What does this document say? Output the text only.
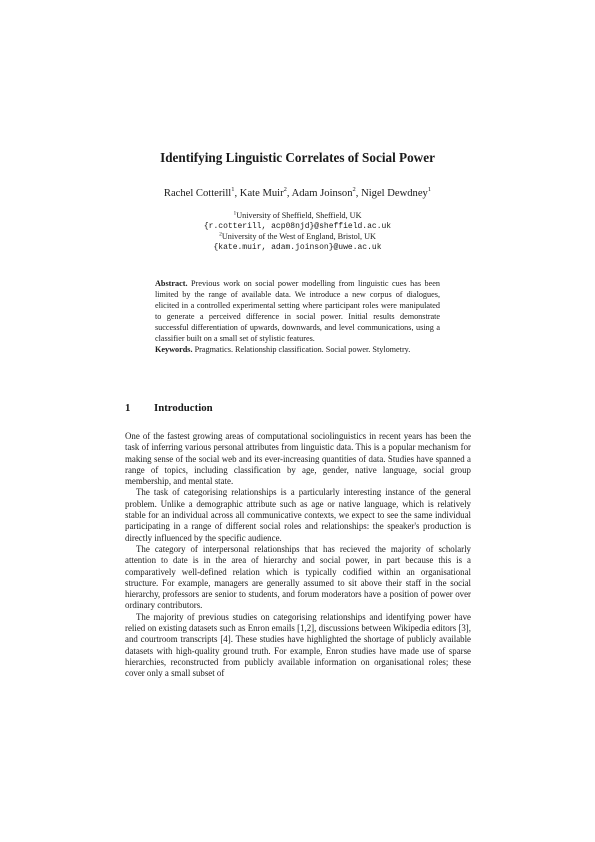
Identifying Linguistic Correlates of Social Power
Rachel Cotterill$^1$, Kate Muir$^2$, Adam Joinson$^2$, Nigel Dewdney$^1$
$^1$University of Sheffield, Sheffield, UK
{r.cotterill, acp08njd}@sheffield.ac.uk
$^2$University of the West of England, Bristol, UK
{kate.muir, adam.joinson}@uwe.ac.uk
Abstract. Previous work on social power modelling from linguistic cues has been limited by the range of available data. We introduce a new corpus of dialogues, elicited in a controlled experimental setting where participant roles were manipulated to generate a perceived difference in social power. Initial results demonstrate successful differentiation of upwards, downwards, and level communications, using a classifier built on a small set of stylistic features.
Keywords. Pragmatics. Relationship classification. Social power. Stylometry.
1 Introduction

One of the fastest growing areas of computational sociolinguistics in recent years has been the task of inferring various personal attributes from linguistic data. This is a popular mechanism for making sense of the social web and its ever-increasing quantities of data. Studies have spanned a range of topics, including classification by age, gender, native language, social group membership, and mental state.

The task of categorising relationships is a particularly interesting instance of the general problem. Unlike a demographic attribute such as age or native language, which is relatively stable for an individual across all communicative contexts, we expect to see the same individual participating in a range of different social roles and relationships: the speaker's production is directly influenced by the specific audience.

The category of interpersonal relationships that has recieved the majority of scholarly attention to date is in the area of hierarchy and social power, in part because this is a comparatively well-defined relation which is typically codified within an organisational structure. For example, managers are generally assumed to sit above their staff in the social hierarchy, professors are senior to students, and forum moderators have a position of power over ordinary contributors.

The majority of previous studies on categorising relationships and identifying power have relied on existing datasets such as Enron emails [1,2], discussions between Wikipedia editors [3], and courtroom transcripts [4]. These studies have highlighted the shortage of publicly available datasets with high-quality ground truth. For example, Enron studies have made use of sparse hierarchies, reconstructed from publicly available information on organisational roles; these cover only a small subset of
